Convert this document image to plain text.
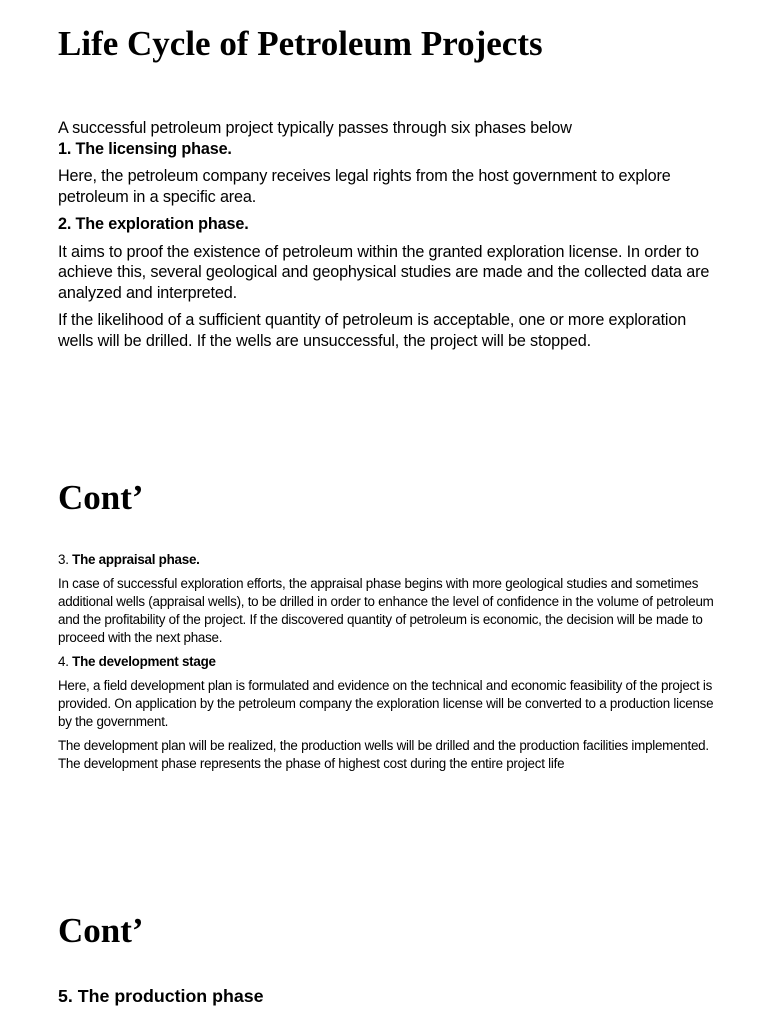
Life Cycle of Petroleum Projects

A successful petroleum project typically passes through six phases below

1. The licensing phase.

Here, the petroleum company receives legal rights from the host government to explore petroleum in a specific area.

2. The exploration phase.

It aims to proof the existence of petroleum within the granted exploration license. In order to achieve this, several geological and geophysical studies are made and the collected data are analyzed and interpreted.

If the likelihood of a sufficient quantity of petroleum is acceptable, one or more exploration wells will be drilled. If the wells are unsuccessful, the project will be stopped.

Cont’

3. The appraisal phase.

In case of successful exploration efforts, the appraisal phase begins with more geological studies and sometimes additional wells (appraisal wells), to be drilled in order to enhance the level of confidence in the volume of petroleum and the profitability of the project. If the discovered quantity of petroleum is economic, the decision will be made to proceed with the next phase.

4. The development stage

Here, a field development plan is formulated and evidence on the technical and economic feasibility of the project is provided. On application by the petroleum company the exploration license will be converted to a production license by the government.

The development plan will be realized, the production wells will be drilled and the production facilities implemented. The development phase represents the phase of highest cost during the entire project life

Cont’

5. The production phase
